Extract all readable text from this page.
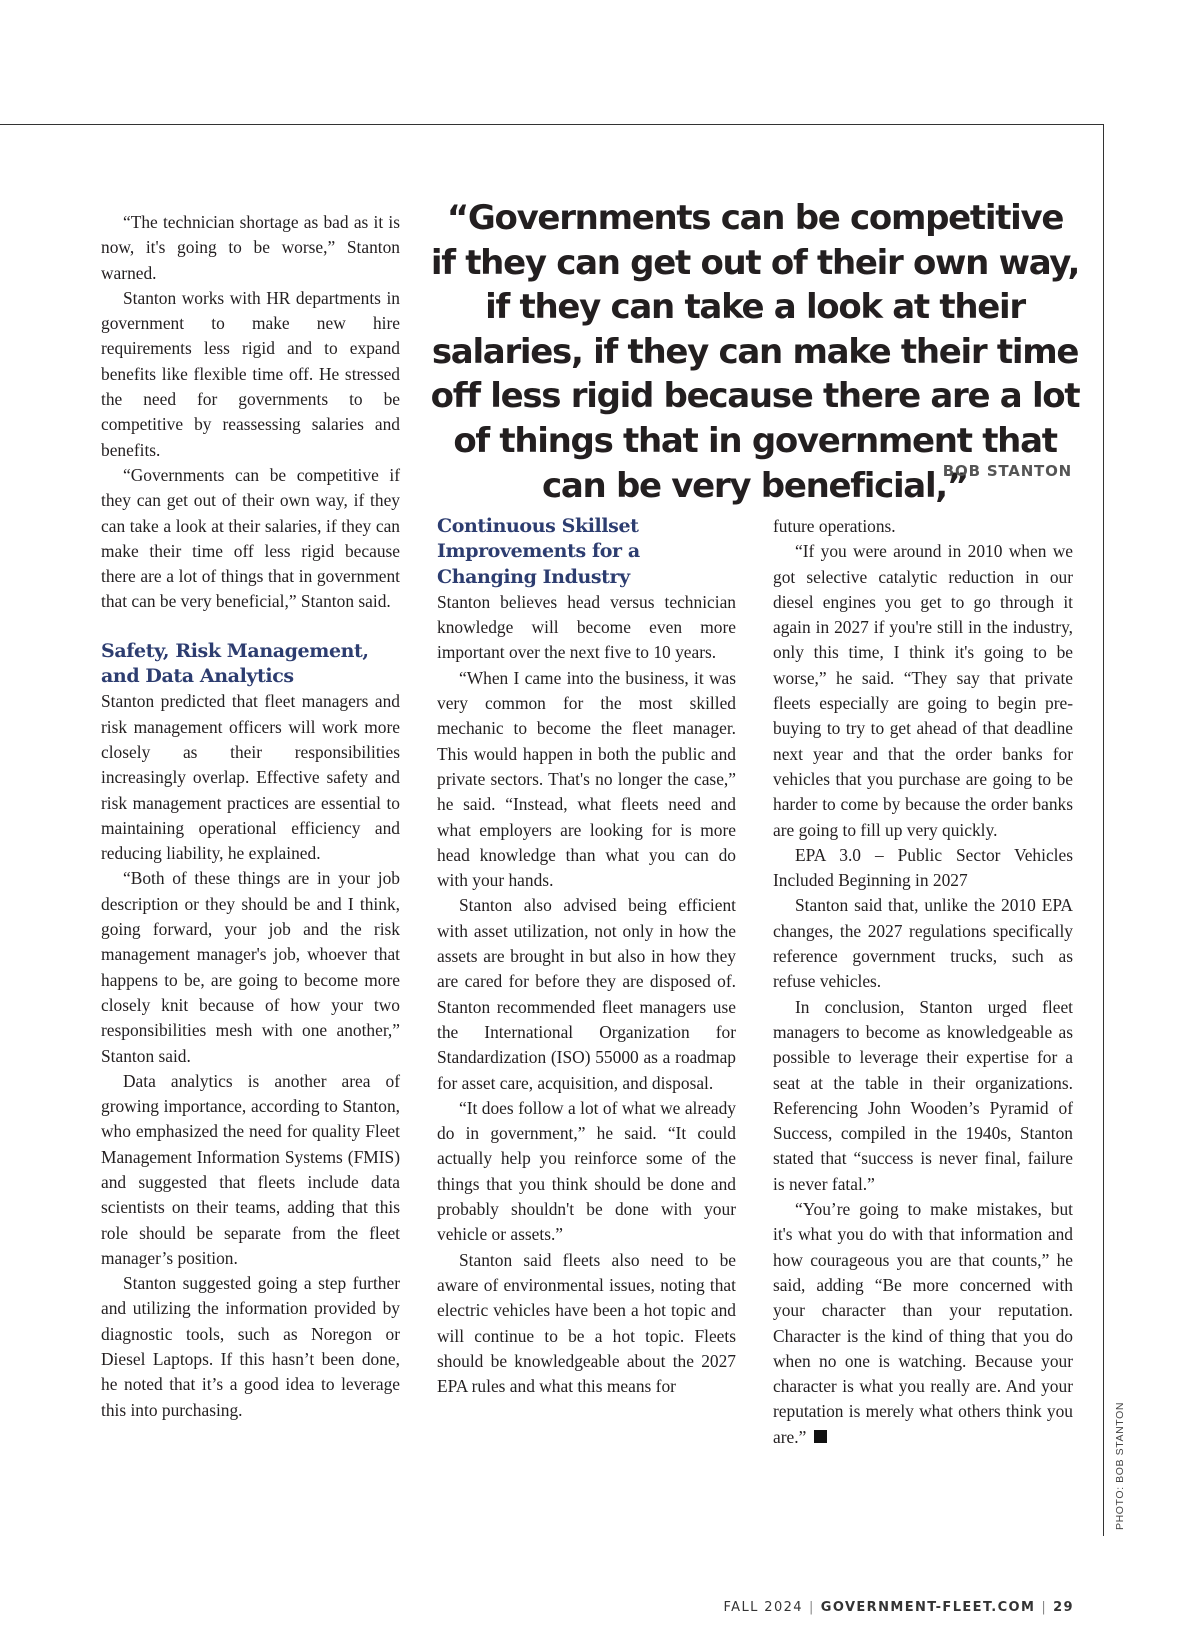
“The technician shortage as bad as it is now, it's going to be worse,” Stanton warned.

Stanton works with HR departments in government to make new hire requirements less rigid and to expand benefits like flexible time off. He stressed the need for governments to be competitive by reassessing salaries and benefits.

“Governments can be competitive if they can get out of their own way, if they can take a look at their salaries, if they can make their time off less rigid because there are a lot of things that in government that can be very beneficial,” Stanton said.

Safety, Risk Management, and Data Analytics

Stanton predicted that fleet managers and risk management officers will work more closely as their responsibilities increasingly overlap. Effective safety and risk management practices are essential to maintaining operational efficiency and reducing liability, he explained.

“Both of these things are in your job description or they should be and I think, going forward, your job and the risk management manager's job, whoever that happens to be, are going to become more closely knit because of how your two responsibilities mesh with one another,” Stanton said.

Data analytics is another area of growing importance, according to Stanton, who emphasized the need for quality Fleet Management Information Systems (FMIS) and suggested that fleets include data scientists on their teams, adding that this role should be separate from the fleet manager’s position.

Stanton suggested going a step further and utilizing the information provided by diagnostic tools, such as Noregon or Diesel Laptops. If this hasn’t been done, he noted that it’s a good idea to leverage this into purchasing.

“Governments can be competitive if they can get out of their own way, if they can take a look at their salaries, if they can make their time off less rigid because there are a lot of things that in government that can be very beneficial,”
BOB STANTON
Continuous Skillset Improvements for a Changing Industry

Stanton believes head versus technician knowledge will become even more important over the next five to 10 years.

“When I came into the business, it was very common for the most skilled mechanic to become the fleet manager. This would happen in both the public and private sectors. That's no longer the case,” he said. “Instead, what fleets need and what employers are looking for is more head knowledge than what you can do with your hands.

Stanton also advised being efficient with asset utilization, not only in how the assets are brought in but also in how they are cared for before they are disposed of. Stanton recommended fleet managers use the International Organization for Standardization (ISO) 55000 as a roadmap for asset care, acquisition, and disposal.

“It does follow a lot of what we already do in government,” he said. “It could actually help you reinforce some of the things that you think should be done and probably shouldn't be done with your vehicle or assets.”

Stanton said fleets also need to be aware of environmental issues, noting that electric vehicles have been a hot topic and will continue to be a hot topic. Fleets should be knowledgeable about the 2027 EPA rules and what this means for

future operations.

“If you were around in 2010 when we got selective catalytic reduction in our diesel engines you get to go through it again in 2027 if you're still in the industry, only this time, I think it's going to be worse,” he said. “They say that private fleets especially are going to begin pre-buying to try to get ahead of that deadline next year and that the order banks for vehicles that you purchase are going to be harder to come by because the order banks are going to fill up very quickly.

EPA 3.0 – Public Sector Vehicles Included Beginning in 2027

Stanton said that, unlike the 2010 EPA changes, the 2027 regulations specifically reference government trucks, such as refuse vehicles.

In conclusion, Stanton urged fleet managers to become as knowledgeable as possible to leverage their expertise for a seat at the table in their organizations. Referencing John Wooden’s Pyramid of Success, compiled in the 1940s, Stanton stated that “success is never final, failure is never fatal.”

“You’re going to make mistakes, but it's what you do with that information and how courageous you are that counts,” he said, adding “Be more concerned with your character than your reputation. Character is the kind of thing that you do when no one is watching. Because your character is what you really are. And your reputation is merely what others think you are.”	PHOTO: BOB STANTON
FALL 2024 | GOVERNMENT-FLEET.COM | 29
